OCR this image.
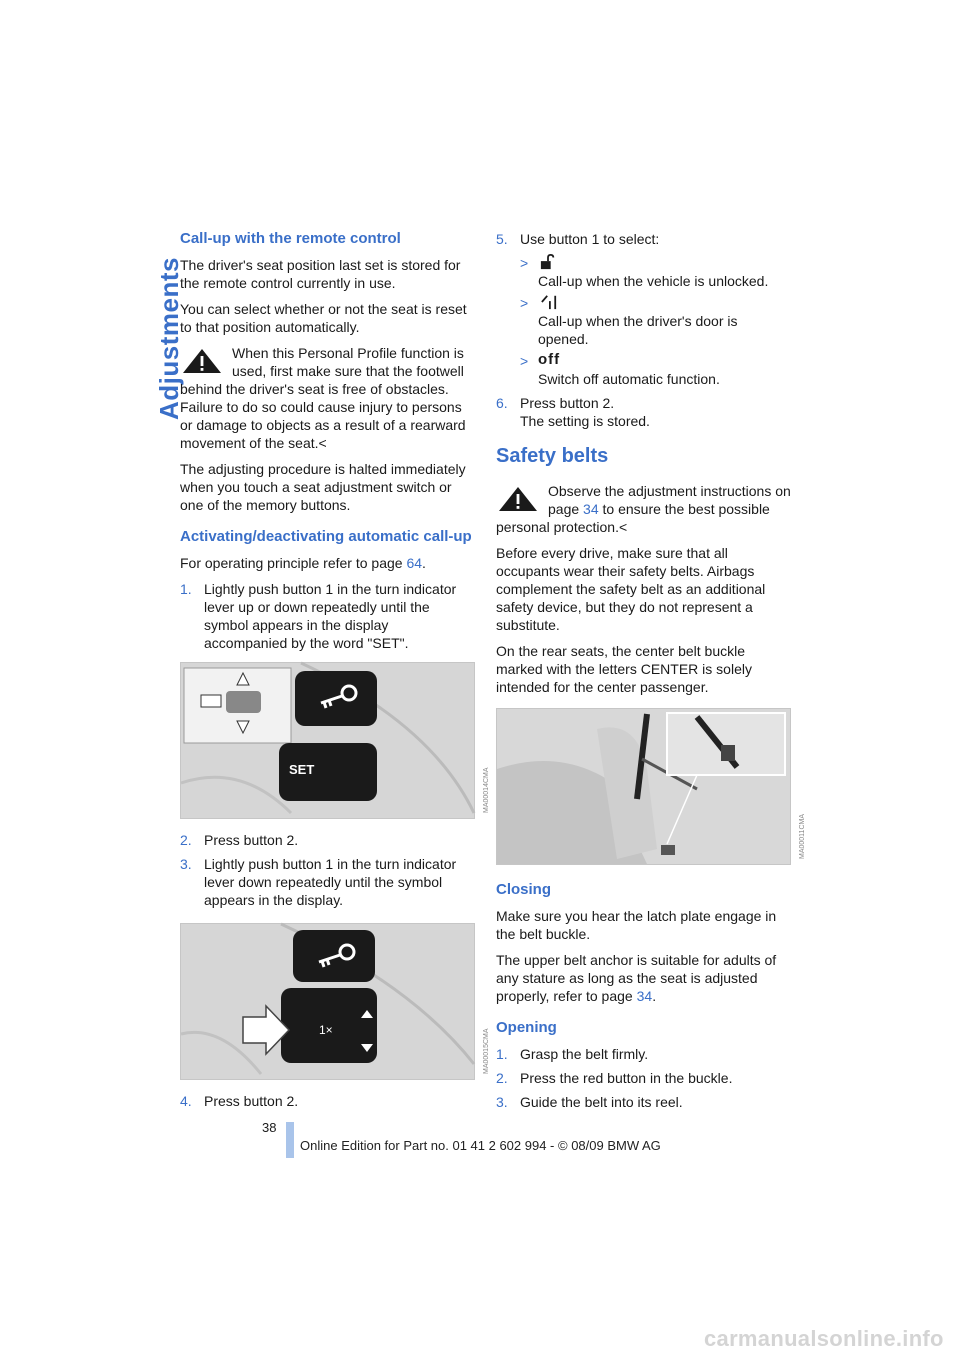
Adjustments
Call-up with the remote control

The driver's seat position last set is stored for the remote control currently in use.

You can select whether or not the seat is reset to that position automatically.

When this Personal Profile function is used, first make sure that the footwell behind the driver's seat is free of obstacles. Failure to do so could cause injury to persons or damage to objects as a result of a rearward movement of the seat.<

The adjusting procedure is halted immediately when you touch a seat adjustment switch or one of the memory buttons.

Activating/deactivating automatic call-up

For operating principle refer to page 64.

1. Lightly push button 1 in the turn indicator lever up or down repeatedly until the symbol appears in the display accompanied by the word "SET".
SET	MA00014CMA
2. Press button 2.
3. Lightly push button 1 in the turn indicator lever down repeatedly until the symbol appears in the display.
1×	MA00015CMA
4. Press button 2.
5. Use button 1 to select:
>
Call-up when the vehicle is unlocked.
>
Call-up when the driver's door is opened.
> off
Switch off automatic function.
6. Press button 2.
The setting is stored.
Safety belts
Observe the adjustment instructions on page 34 to ensure the best possible personal protection.<

Before every drive, make sure that all occupants wear their safety belts. Airbags complement the safety belt as an additional safety device, but they do not represent a substitute.

On the rear seats, the center belt buckle marked with the letters CENTER is solely intended for the center passenger.

MA00011CMA
Closing

Make sure you hear the latch plate engage in the belt buckle.

The upper belt anchor is suitable for adults of any stature as long as the seat is adjusted properly, refer to page 34.

Opening
1. Grasp the belt firmly.
2. Press the red button in the buckle.
3. Guide the belt into its reel.
38
Online Edition for Part no. 01 41 2 602 994 - © 08/09 BMW AG
carmanualsonline.info
